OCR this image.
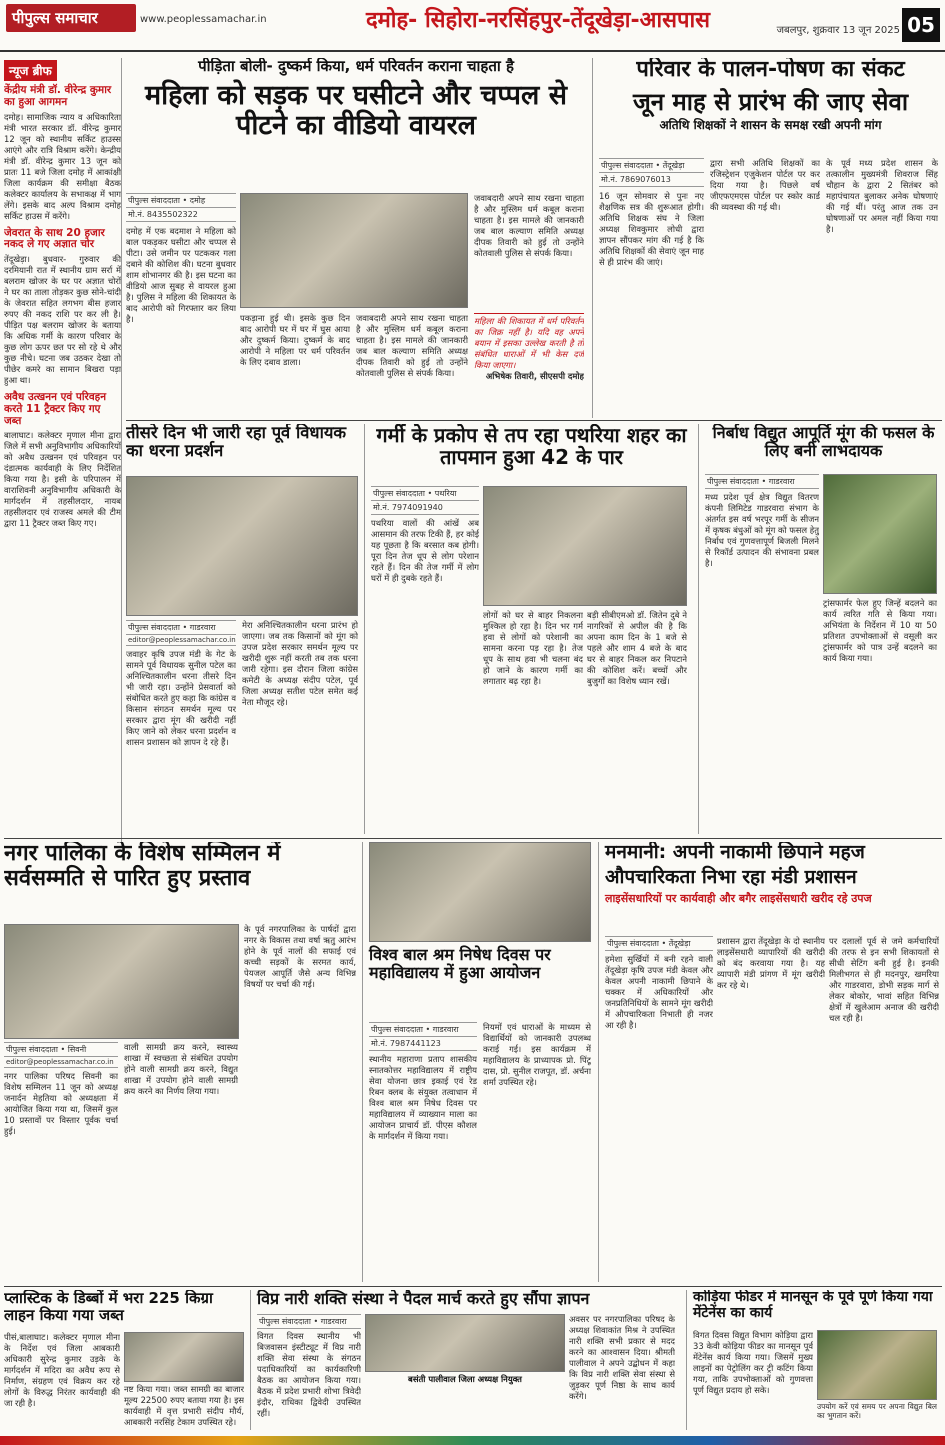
पीपुल्स समाचार	www.peoplessamachar.in	दमोह- सिहोरा-नरसिंहपुर-तेंदूखेड़ा-आसपास	जबलपुर, शुक्रवार 13 जून 2025 05
न्यूज ब्रीफ
केंद्रीय मंत्री डॉ. वीरेन्द्र कुमार का हुआ आगमन
दमोह। सामाजिक न्याय व अधिकारिता मंत्री भारत सरकार डॉ. वीरेन्द्र कुमार 12 जून को स्थानीय सर्किट हाउस्स आएंगे और रात्रि विश्राम करेंगे। केन्द्रीय मंत्री डॉ. वीरेन्द्र कुमार 13 जून को प्रातः 11 बजे जिला दमोह में आकांक्षी जिला कार्यक्रम की समीक्षा बैठक कलेक्टर कार्यालय के सभाकक्ष में भाग लेंगे। इसके बाद अल्प विश्राम दमोह सर्किट हाउस में करेंगे।
जेवरात के साथ 20 हजार नकद ले गए अज्ञात चोर
तेंदूखेड़ा। बुधवार- गुरुवार की दरमियानी रात में स्थानीय ग्राम सर्रा में बलराम खोजर के घर पर अज्ञात चोरों ने घर का ताला तोड़कर कुछ सोने-चांदी के जेवरात सहित लगभग बीस हजार रुपए की नकद राशि पर कर ली है। पीड़ित पक्ष बलराम खोजर के बताया कि अधिक गर्मी के कारण परिवार के कुछ लोग ऊपर छत पर सो रहे थे और कुछ नीचे। घटना जब उठकर देखा तो पीछेर कमरे का सामान बिखरा पड़ा हुआ था।
अवैध उत्खनन एवं परिवहन करते 11 ट्रैक्टर किए गए जब्त
बालाघाट। कलेक्टर मृणाल मीना द्वारा जिले में सभी अनुविभागीय अधिकारियों को अवैध उत्खनन एवं परिवहन पर दंडात्मक कार्यवाही के लिए निर्देशित किया गया है। इसी के परिपालन में वाराशिवनी अनुविभागीय अधिकारी के मार्गदर्शन में तहसीलदार, नायब तहसीलदार एवं राजस्व अमले की टीम द्वारा 11 ट्रैक्टर जब्त किए गए।
पीड़िता बोली- दुष्कर्म किया, धर्म परिवर्तन कराना चाहता है
महिला को सड़क पर घसीटने और चप्पल से पीटने का वीडियो वायरल
पीपुल्स संवाददाता • दमोह
मो.नं. 8435502322
दमोह में एक बदमाश ने महिला को बाल पकड़कर घसीटा और चप्पल से पीटा। उसे जमीन पर पटककर गला दबाने की कोशिश की। घटना बुधवार शाम शोभानगर की है। इस घटना का वीडियो आज सुबह से वायरल हुआ है। पुलिस ने महिला की शिकायत के बाद आरोपी को गिरफ्तार कर लिया है।	पकड़ाना हुई थी। इसके कुछ दिन बाद आरोपी घर में घर में घुस आया और दुष्कर्म किया। दुष्कर्म के बाद आरोपी ने महिला पर धर्म परिवर्तन के लिए दबाव डाला।
जवाबदारी अपने साथ रखना चाहता है और मुस्लिम धर्म कबूल कराना चाहता है। इस मामले की जानकारी जब बाल कल्याण समिति अध्यक्ष दीपक तिवारी को हुई तो उन्होंने कोतवाली पुलिस से संपर्क किया।
जवाबदारी अपने साथ रखना चाहता है और मुस्लिम धर्म कबूल कराना चाहता है। इस मामले की जानकारी जब बाल कल्याण समिति अध्यक्ष दीपक तिवारी को हुई तो उन्होंने कोतवाली पुलिस से संपर्क किया।
महिला की शिकायत में धर्म परिवर्तन का जिक्र नहीं है। यदि वह अपने बयान में इसका उल्लेख करती है तो संबंधित धाराओं में भी केस दर्ज किया जाएगा।
अभिषेक तिवारी, सीएसपी दमोह
परिवार के पालन-पोषण का संकट
जून माह से प्रारंभ की जाए सेवा
अतिथि शिक्षकों ने शासन के समक्ष रखी अपनी मांग
पीपुल्स संवाददाता • तेंदूखेड़ा
मो.नं. 7869076013
16 जून सोमवार से पुनः नए शैक्षणिक सत्र की शुरूआत होगी। अतिथि शिक्षक संघ ने जिला अध्यक्ष शिवकुमार लोधी द्वारा ज्ञापन सौंपकर मांग की गई है कि अतिथि शिक्षकों की सेवाएं जून माह से ही प्रारंभ की जाएं।
द्वारा सभी अतिथि शिक्षकों का रजिस्ट्रेशन एजुकेशन पोर्टल पर कर दिया गया है। पिछले वर्ष जीएफएमएस पोर्टल पर स्कोर कार्ड की व्यवस्था की गई थी।
के पूर्व मध्य प्रदेश शासन के तत्कालीन मुख्यमंत्री शिवराज सिंह चौहान के द्वारा 2 सितंबर को महापंचायत बुलाकर अनेक घोषणाएं की गई थीं। परंतु आज तक उन घोषणाओं पर अमल नहीं किया गया है।
तीसरे दिन भी जारी रहा पूर्व विधायक का धरना प्रदर्शन
पीपुल्स संवाददाता • गाडरवारा
editor@peoplessamachar.co.in
जवाहर कृषि उपज मंडी के गेट के सामने पूर्व विधायक सुनील पटेल का अनिश्चितकालीन धरना तीसरे दिन भी जारी रहा। उन्होंने प्रेसवार्ता को संबोधित करते हुए कहा कि कांग्रेस व किसान संगठन समर्थन मूल्य पर सरकार द्वारा मूंग की खरीदी नहीं किए जाने को लेकर धरना प्रदर्शन व शासन प्रशासन को ज्ञापन दे रहे हैं।
मेरा अनिश्चितकालीन धरना प्रारंभ हो जाएगा। जब तक किसानों को मूंग को उपज प्रदेश सरकार समर्थन मूल्य पर खरीदी शुरू नहीं करती तब तक धरना जारी रहेगा। इस दौरान जिला कांग्रेस कमेटी के अध्यक्ष संदीप पटेल, पूर्व जिला अध्यक्ष सतीश पटेल समेत कई नेता मौजूद रहे।
गर्मी के प्रकोप से तप रहा पथरिया शहर का तापमान हुआ 42 के पार
पीपुल्स संवाददाता • पथरिया
मो.नं. 7974091940
पथरिया वालों की आंखें अब आसमान की तरफ टिकी हैं, हर कोई यह पूछता है कि बरसात कब होगी। पूरा दिन तेज धूप से लोग परेशान रहते हैं। दिन की तेज गर्मी में लोग घरों में ही दुबके रहते हैं।
लोगों को घर से बाहर निकलना मुश्किल हो रहा है। दिन भर गर्म हवा से लोगों को परेशानी का सामना करना पड़ रहा है। तेज धूप के साथ हवा भी चलना बंद हो जाने के कारण गर्मी का लगातार बढ़ रहा है।
बड़ी सीबीएमओ डॉ. जितेन दुबे ने नागरिकों से अपील की है कि अपना काम दिन के 1 बजे से पहले और शाम 4 बजे के बाद घर से बाहर निकल कर निपटाने की कोशिश करें। बच्चों और बुजुर्गों का विशेष ध्यान रखें।
निर्बाध विद्युत आपूर्ति मूंग की फसल के लिए बनी लाभदायक
पीपुल्स संवाददाता • गाडरवारा
मध्य प्रदेश पूर्व क्षेत्र विद्युत वितरण कंपनी लिमिटेड गाडरवारा संभाग के अंतर्गत इस वर्ष भरपूर गर्मी के सीजन में कृषक बंधुओं को मूंग को फसल हेतु निर्बाध एवं गुणवत्तापूर्ण बिजली मिलने से रिकॉर्ड उत्पादन की संभावना प्रबल है।
ट्रांसफार्मर फेल हुए जिन्हें बदलने का कार्य त्वरित गति से किया गया। अभियंता के निर्देशन में 10 या 50 प्रतिशत उपभोक्ताओं से वसूली कर ट्रांसफार्मर को पात्र उन्हें बदलने का कार्य किया गया।
नगर पालिका के विशेष सम्मिलन में सर्वसम्मति से पारित हुए प्रस्ताव
पीपुल्स संवाददाता • सिवनी
editor@peoplessamachar.co.in
नगर पालिका परिषद सिवनी का विशेष सम्मिलन 11 जून को अध्यक्ष जनार्दन मेहतिया को अध्यक्षता में आयोजित किया गया था, जिसमें कुल 10 प्रस्तावों पर विस्तार पूर्वक चर्चा हुई।
वाली सामग्री क्रय करने, स्वास्थ्य शाखा में स्वच्छता से संबंधित उपयोग होने वाली सामग्री क्रय करने, विद्युत शाखा में उपयोग होने वाली सामग्री क्रय करने का निर्णय लिया गया।
के पूर्व नगरपालिका के पार्षदों द्वारा नगर के विकास तथा वर्षा ऋतु आरंभ होने के पूर्व नालों की सफाई एवं कच्ची सड़कों के सरमत कार्य, पेयजल आपूर्ति जैसे अन्य विभिन्न विषयों पर चर्चा की गई।
विश्व बाल श्रम निषेध दिवस पर महाविद्यालय में हुआ आयोजन
पीपुल्स संवाददाता • गाडरवारा
मो.नं. 7987441123
स्थानीय महाराणा प्रताप शासकीय स्नातकोत्तर महाविद्यालय में राष्ट्रीय सेवा योजना छात्र इकाई एवं रेड रिबन क्लब के संयुक्त तत्वाधान में विश्व बाल श्रम निषेध दिवस पर महाविद्यालय में व्याख्यान माला का आयोजन प्राचार्य डॉ. पीएस कौशल के मार्गदर्शन में किया गया।
नियमों एवं धाराओं के माध्यम से विद्यार्थियों को जानकारी उपलब्ध कराई गई। इस कार्यक्रम में महाविद्यालय के प्राध्यापक प्रो. पिंटू दास, प्रो. सुनील राजपूत, डॉ. अर्चना शर्मा उपस्थित रहे।
मनमानी: अपनी नाकामी छिपाने महज
औपचारिकता निभा रहा मंडी प्रशासन
लाइसेंसधारियों पर कार्यवाही और बगैर लाइसेंसधारी खरीद रहे उपज
पीपुल्स संवाददाता • तेंदूखेड़ा
हमेशा सुर्खियों में बनी रहने वाली तेंदूखेड़ा कृषि उपज मंडी केवल और केवल अपनी नाकामी छिपाने के चक्कर में अधिकारियों और जनप्रतिनिधियों के सामने मूंग खरीदी में औपचारिकता निभाती ही नजर आ रही है।
प्रशासन द्वारा तेंदूखेड़ा के दो स्थानीय लाइसेंसधारी व्यापारियों की खरीदी को बंद करवाया गया है। यह व्यापारी मंडी प्रांगण में मूंग खरीदी कर रहे थे।
पर दलालों पूर्व से जमे कर्मचारियों की तरफ से इन सभी शिकायतों से सीधी सेटिंग बनी हुई है। इनकी मिलीभगत से ही मदनपुर, खमरिया और गाडरवारा, डोभी सड़क मार्ग से लेकर बोकोर, भावां सहित विभिन्न क्षेत्रों में खुलेआम अनाज की खरीदी चल रही है।
प्लास्टिक के डिब्बों में भरा 225 किग्रा लाहन किया गया जब्त
पीसं,बालाघाट। कलेक्टर मृणाल मीना के निर्देश एवं जिला आबकारी अधिकारी सुरेन्द्र कुमार उड़के के मार्गदर्शन में मदिरा का अवैध रूप से निर्माण, संग्रहण एवं विक्रय कर रहे लोगों के विरुद्ध निरंतर कार्यवाही की जा रही है।
नष्ट किया गया। जब्त सामग्री का बाजार मूल्य 22500 रुपए बताया गया है। इस कार्यवाही में वृत्त प्रभारी संदीप मौर्य, आबकारी नरसिंह टेकाम उपस्थित रहे।
विप्र नारी शक्ति संस्था ने पैदल मार्च करते हुए सौंपा ज्ञापन
पीपुल्स संवाददाता • गाडरवारा
विगत दिवस स्थानीय भी बिजवासन इंस्टीट्यूट में विप्र नारी शक्ति सेवा संस्था के संगठन पदाधिकारियों का कार्यकारिणी बैठक का आयोजन किया गया। बैठक में प्रदेश प्रभारी शोभा त्रिवेदी इंदौर, राधिका द्विवेदी उपस्थित रहीं।
बसंती पालीवाल जिला अध्यक्ष नियुक्त
अवसर पर नगरपालिका परिषद के अध्यक्ष शिवाकांत मिश्र ने उपस्थित नारी शक्ति सभी प्रकार से मदद करने का आश्वासन दिया। श्रीमती पालीवाल ने अपने उद्बोधन में कहा कि विप्र नारी शक्ति सेवा संस्था से जुड़कर पूर्ण निष्ठा के साथ कार्य करेंगे।
कोड़िया फीडर में मानसून के पूर्व पूर्ण किया गया मेंटेनेंस का कार्य
विगत दिवस विद्युत विभाग कोड़िया द्वारा 33 केवी कोड़िया फीडर का मानसून पूर्व मेंटेनेंस कार्य किया गया। जिसमें मुख्य लाइनों का पेट्रोलिंग कर ट्री कटिंग किया गया, ताकि उपभोक्ताओं को गुणवत्ता पूर्ण विद्युत प्रदाय हो सके।
उपयोग करें एवं समय पर अपना विद्युत बिल का भुगतान करें।
